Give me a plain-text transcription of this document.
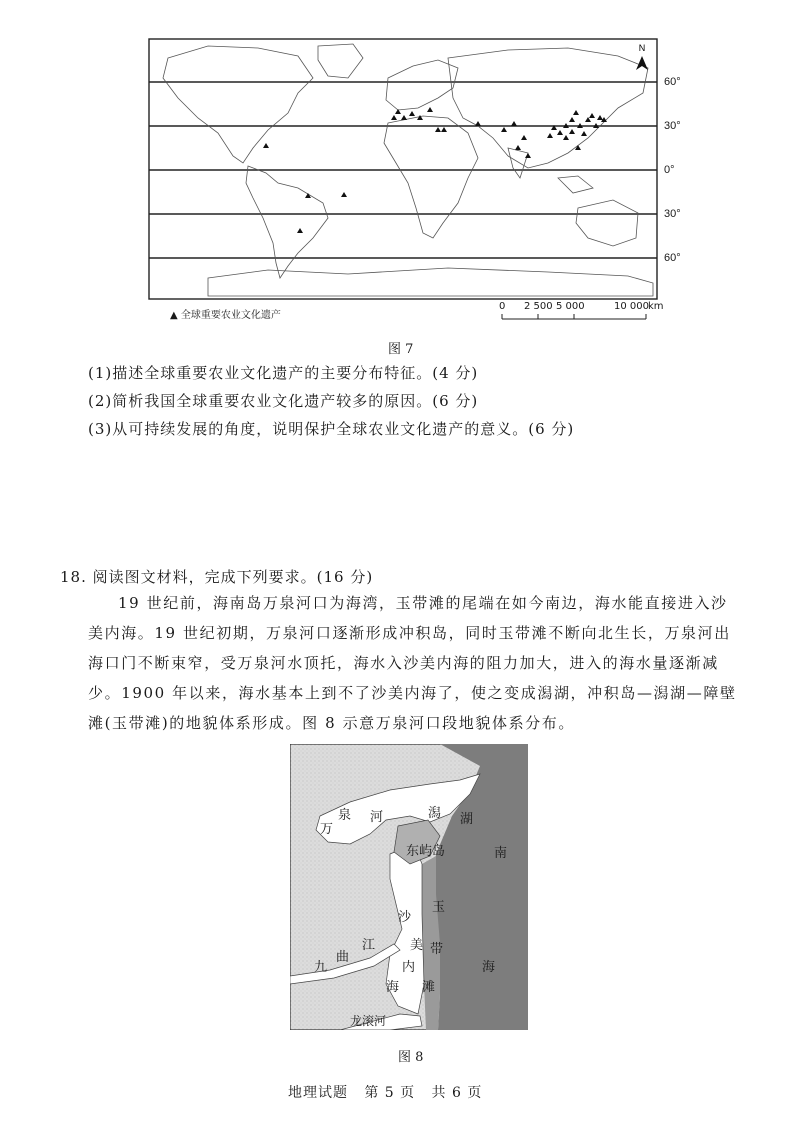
N
60°
30°
0°
30°
60°
▲ 全球重要农业文化遗产
0 2 500 5 000	10 000 km
图 7
(1)描述全球重要农业文化遗产的主要分布特征。(4 分)
(2)简析我国全球重要农业文化遗产较多的原因。(6 分)
(3)从可持续发展的角度，说明保护全球农业文化遗产的意义。(6 分)
18. 阅读图文材料，完成下列要求。(16 分)
19 世纪前，海南岛万泉河口为海湾，玉带滩的尾端在如今南边，海水能直接进入沙
美内海。19 世纪初期，万泉河口逐渐形成冲积岛，同时玉带滩不断向北生长，万泉河出
海口门不断束窄，受万泉河水顶托，海水入沙美内海的阻力加大，进入的海水量逐渐减
少。1900 年以来，海水基本上到不了沙美内海了，使之变成潟湖，冲积岛—潟湖—障壁
滩(玉带滩)的地貌体系形成。图 8 示意万泉河口段地貌体系分布。
万
泉 河	潟 湖
东屿岛	南
海
玉
带
滩
沙
美
内
海
九
曲
江
龙滚河
图 8
地理试题   第 5 页   共 6 页
